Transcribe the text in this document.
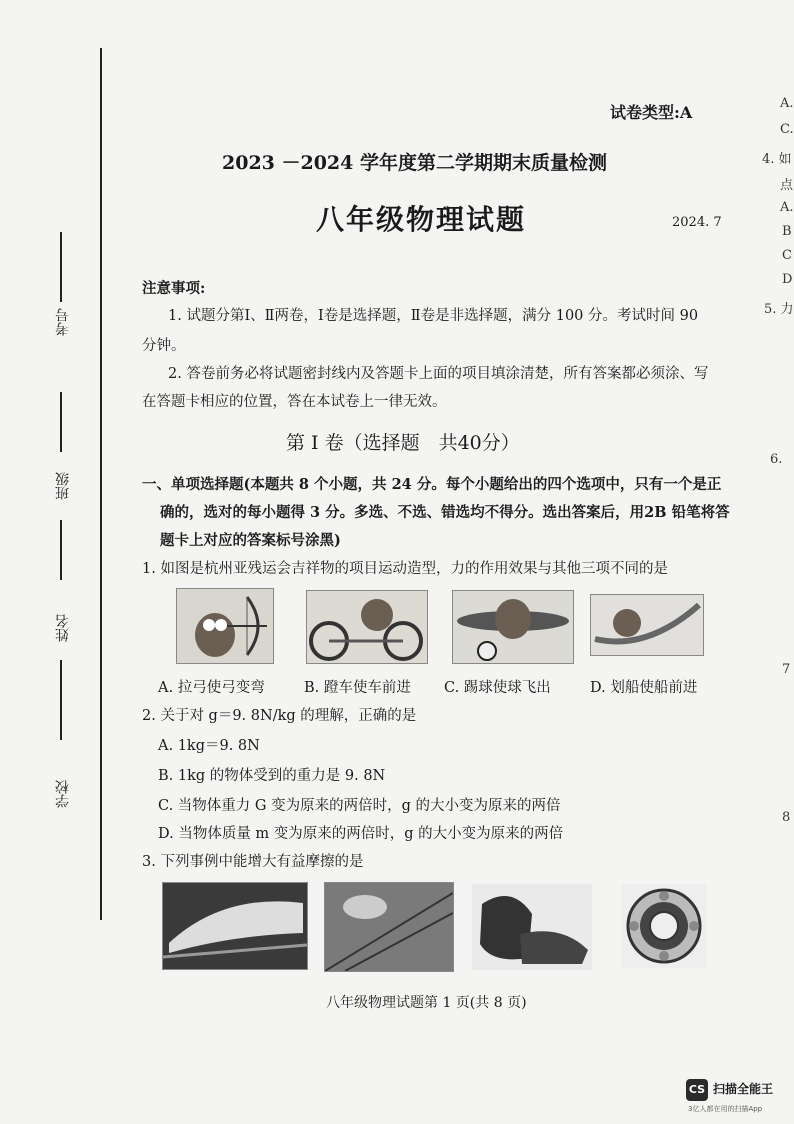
考号
班级
姓名
学校
试卷类型:A
2023 －2024 学年度第二学期期末质量检测
八年级物理试题	2024. 7
注意事项:
1. 试题分第Ⅰ、Ⅱ两卷，Ⅰ卷是选择题，Ⅱ卷是非选择题，满分 100 分。考试时间 90
分钟。
2. 答卷前务必将试题密封线内及答题卡上面的项目填涂清楚，所有答案都必须涂、写
在答题卡相应的位置，答在本试卷上一律无效。
第 Ⅰ 卷（选择题　共40分）
一、单项选择题(本题共 8 个小题，共 24 分。每个小题给出的四个选项中，只有一个是正
确的，选对的每小题得 3 分。多选、不选、错选均不得分。选出答案后，用2B 铅笔将答
题卡上对应的答案标号涂黑)
1. 如图是杭州亚残运会吉祥物的项目运动造型，力的作用效果与其他三项不同的是
A. 拉弓使弓变弯	B. 蹬车使车前进 C. 踢球使球飞出	D. 划船使船前进
2. 关于对 g＝9. 8N/kg 的理解，正确的是
A. 1kg＝9. 8N
B. 1kg 的物体受到的重力是 9. 8N
C. 当物体重力 G 变为原来的两倍时，g 的大小变为原来的两倍
D. 当物体质量 m 变为原来的两倍时，g 的大小变为原来的两倍
3. 下列事例中能增大有益摩擦的是
八年级物理试题第 1 页(共 8 页)
A.
C.
4. 如
点
A.
B
C
D
5. 力
6.
7
8
CS 扫描全能王
3亿人都在用的扫描App
